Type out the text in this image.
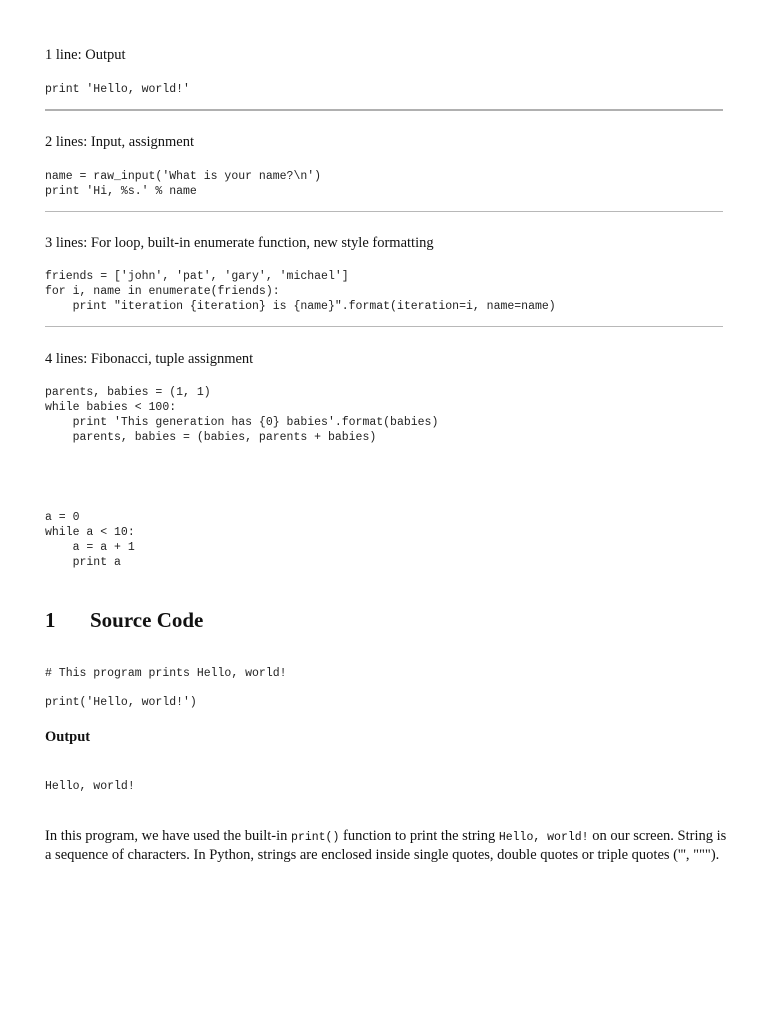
1 line: Output

print 'Hello, world!'

2 lines: Input, assignment

name = raw_input('What is your name?\n')
print 'Hi, %s.' % name

3 lines: For loop, built-in enumerate function, new style formatting

friends = ['john', 'pat', 'gary', 'michael']
for i, name in enumerate(friends):
print "iteration {iteration} is {name}".format(iteration=i, name=name)

4 lines: Fibonacci, tuple assignment

parents, babies = (1, 1)
while babies < 100:
print 'This generation has {0} babies'.format(babies)
parents, babies = (babies, parents + babies)
a = 0
while a < 10:
a = a + 1
print a
1 Source Code
# This program prints Hello, world!
print('Hello, world!')

Output

Hello, world!

In this program, we have used the built-in print() function to print the string Hello, world! on our screen. String is a sequence of characters. In Python, strings are enclosed inside single quotes, double quotes or triple quotes (''', """).
